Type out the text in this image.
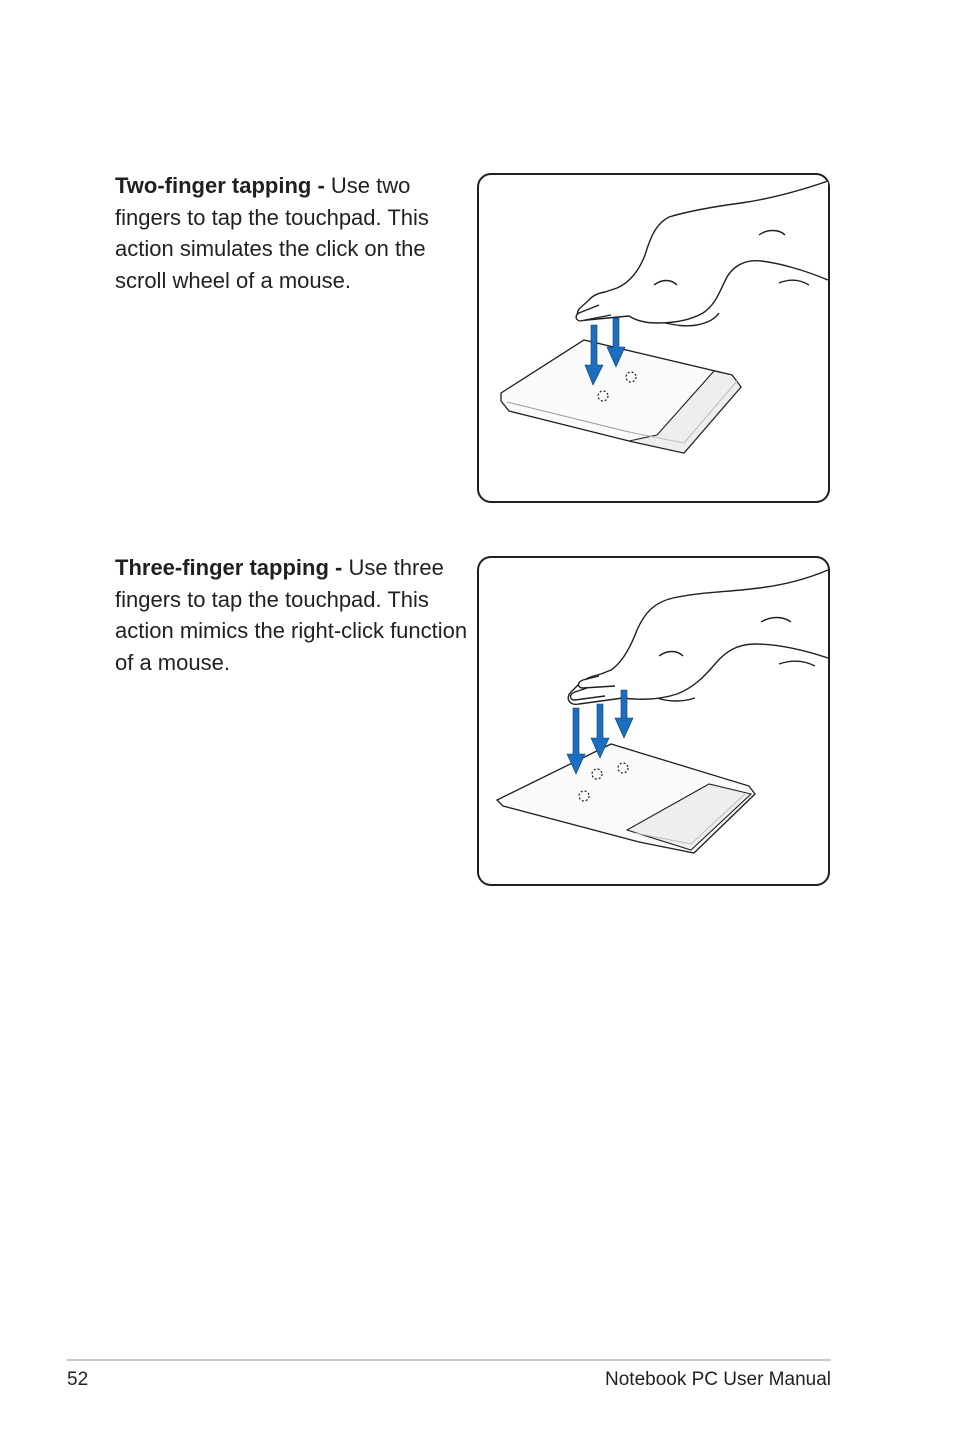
Two-finger tapping - Use two fingers to tap the touchpad. This action simulates the click on the scroll wheel of a mouse.

Three-finger tapping - Use three fingers to tap the touchpad. This action mimics the right-click function of a mouse.

52	Notebook PC User Manual
